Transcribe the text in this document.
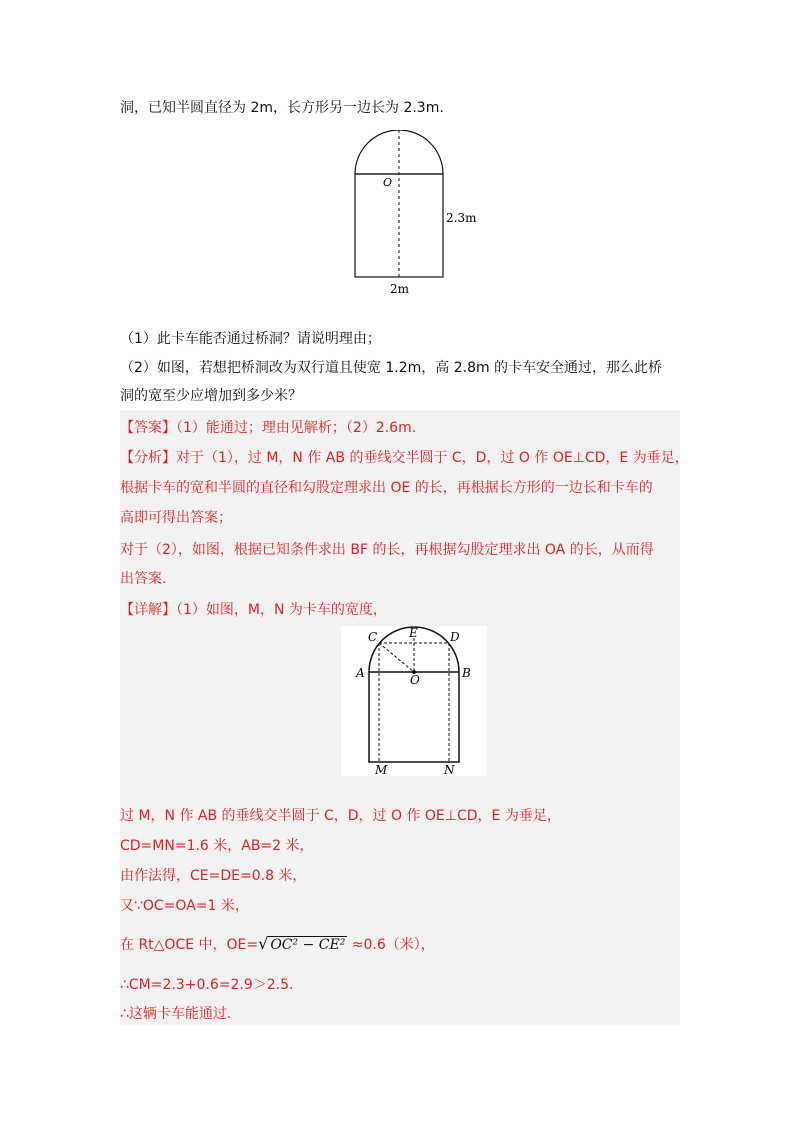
洞，已知半圆直径为 2m，长方形另一边长为 2.3m.
O
2.3m
2m
（1）此卡车能否通过桥洞？请说明理由；
（2）如图，若想把桥洞改为双行道且使宽 1.2m，高 2.8m 的卡车安全通过，那么此桥
洞的宽至少应增加到多少米？
【答案】（1）能通过；理由见解析；（2）2.6m.
【分析】对于（1），过 M，N 作 AB 的垂线交半圆于 C，D，过 O 作 OE⊥CD，E 为垂足，
根据卡车的宽和半圆的直径和勾股定理求出 OE 的长，再根据长方形的一边长和卡车的
高即可得出答案；
对于（2），如图，根据已知条件求出 BF 的长，再根据勾股定理求出 OA 的长，从而得
出答案.
【详解】（1）如图，M，N 为卡车的宽度，
C	E	D
A	O	B
M	N
过 M，N 作 AB 的垂线交半圆于 C，D，过 O 作 OE⊥CD，E 为垂足，
CD=MN=1.6 米，AB=2 米，
由作法得，CE=DE=0.8 米，
又∵OC=OA=1 米，
在 Rt△OCE 中，OE=√ OC² − CE² ≈0.6（米），
∴CM=2.3+0.6=2.9＞2.5.
∴这辆卡车能通过.
